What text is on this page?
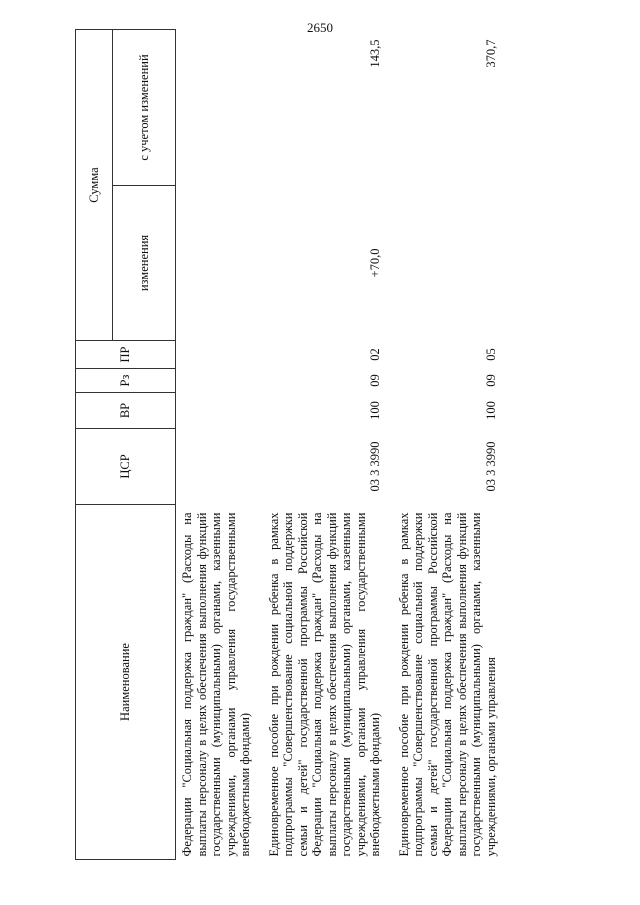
2650
Наименование	ЦСР	ВР	Рз	ПР	Сумма	
					изменения	с учетом изменений
Федерации "Социальная поддержка граждан" (Расходы на выплаты персоналу в целях обеспечения выполнения функций государственными (муниципальными) органами, казенными учреждениями, органами управления государственными внебюджетными фондами)						
Единовременное пособие при рождении ребенка в рамках подпрограммы "Совершенствование социальной поддержки семьи и детей" государственной программы Российской Федерации "Социальная поддержка граждан" (Расходы на выплаты персоналу в целях обеспечения выполнения функций государственными (муниципальными) органами, казенными учреждениями, органами управления государственными внебюджетными фондами)	03 3 3990	100	09	02	+70,0	143,5
Единовременное пособие при рождении ребенка в рамках подпрограммы "Совершенствование социальной поддержки семьи и детей" государственной программы Российской Федерации "Социальная поддержка граждан" (Расходы на выплаты персоналу в целях обеспечения выполнения функций государственными (муниципальными) органами, казенными учреждениями, органами управления	03 3 3990	100	09	05		370,7
